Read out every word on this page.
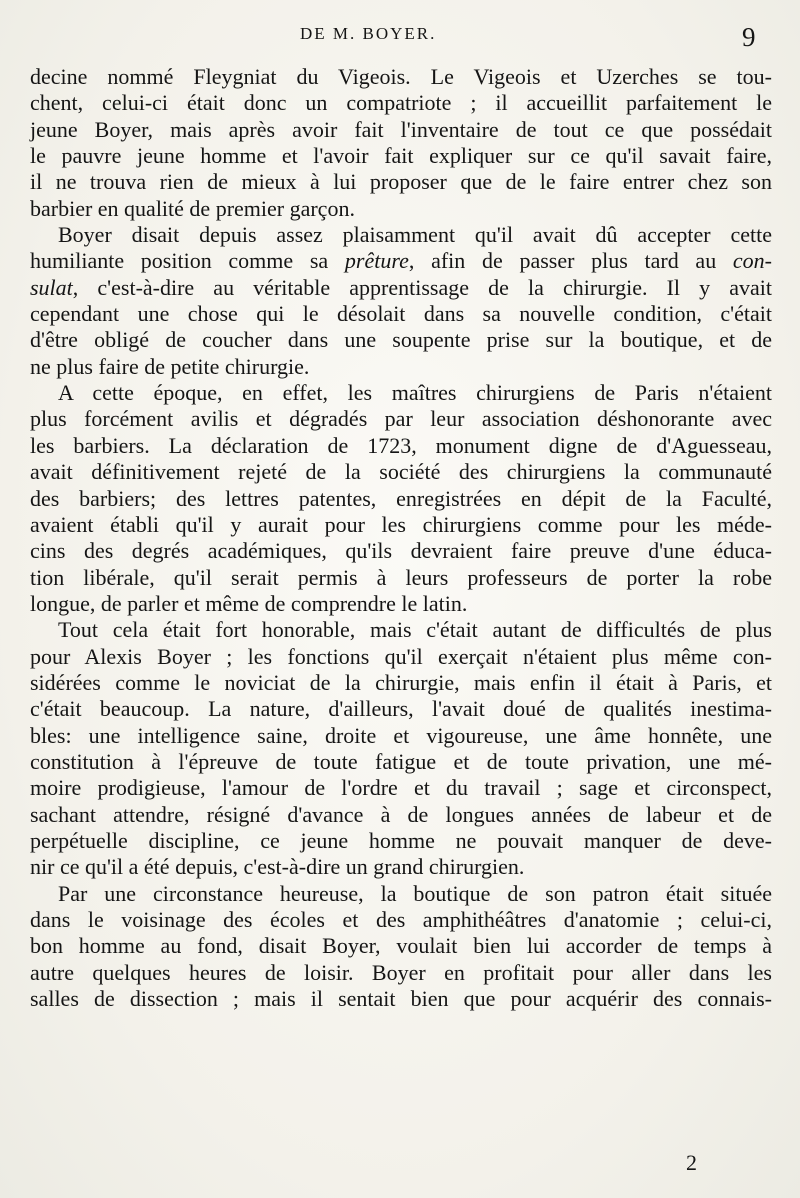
DE M. BOYER.	9
decine nommé Fleygniat du Vigeois. Le Vigeois et Uzerches se tou-
chent, celui-ci était donc un compatriote ; il accueillit parfaitement le
jeune Boyer, mais après avoir fait l'inventaire de tout ce que possédait
le pauvre jeune homme et l'avoir fait expliquer sur ce qu'il savait faire,
il ne trouva rien de mieux à lui proposer que de le faire entrer chez son
barbier en qualité de premier garçon.
Boyer disait depuis assez plaisamment qu'il avait dû accepter cette
humiliante position comme sa prêture, afin de passer plus tard au con-
sulat, c'est-à-dire au véritable apprentissage de la chirurgie. Il y avait
cependant une chose qui le désolait dans sa nouvelle condition, c'était
d'être obligé de coucher dans une soupente prise sur la boutique, et de
ne plus faire de petite chirurgie.
A cette époque, en effet, les maîtres chirurgiens de Paris n'étaient
plus forcément avilis et dégradés par leur association déshonorante avec
les barbiers. La déclaration de 1723, monument digne de d'Aguesseau,
avait définitivement rejeté de la société des chirurgiens la communauté
des barbiers; des lettres patentes, enregistrées en dépit de la Faculté,
avaient établi qu'il y aurait pour les chirurgiens comme pour les méde-
cins des degrés académiques, qu'ils devraient faire preuve d'une éduca-
tion libérale, qu'il serait permis à leurs professeurs de porter la robe
longue, de parler et même de comprendre le latin.
Tout cela était fort honorable, mais c'était autant de difficultés de plus
pour Alexis Boyer ; les fonctions qu'il exerçait n'étaient plus même con-
sidérées comme le noviciat de la chirurgie, mais enfin il était à Paris, et
c'était beaucoup. La nature, d'ailleurs, l'avait doué de qualités inestima-
bles: une intelligence saine, droite et vigoureuse, une âme honnête, une
constitution à l'épreuve de toute fatigue et de toute privation, une mé-
moire prodigieuse, l'amour de l'ordre et du travail ; sage et circonspect,
sachant attendre, résigné d'avance à de longues années de labeur et de
perpétuelle discipline, ce jeune homme ne pouvait manquer de deve-
nir ce qu'il a été depuis, c'est-à-dire un grand chirurgien.
Par une circonstance heureuse, la boutique de son patron était située
dans le voisinage des écoles et des amphithéâtres d'anatomie ; celui-ci,
bon homme au fond, disait Boyer, voulait bien lui accorder de temps à
autre quelques heures de loisir. Boyer en profitait pour aller dans les
salles de dissection ; mais il sentait bien que pour acquérir des connais-
2
